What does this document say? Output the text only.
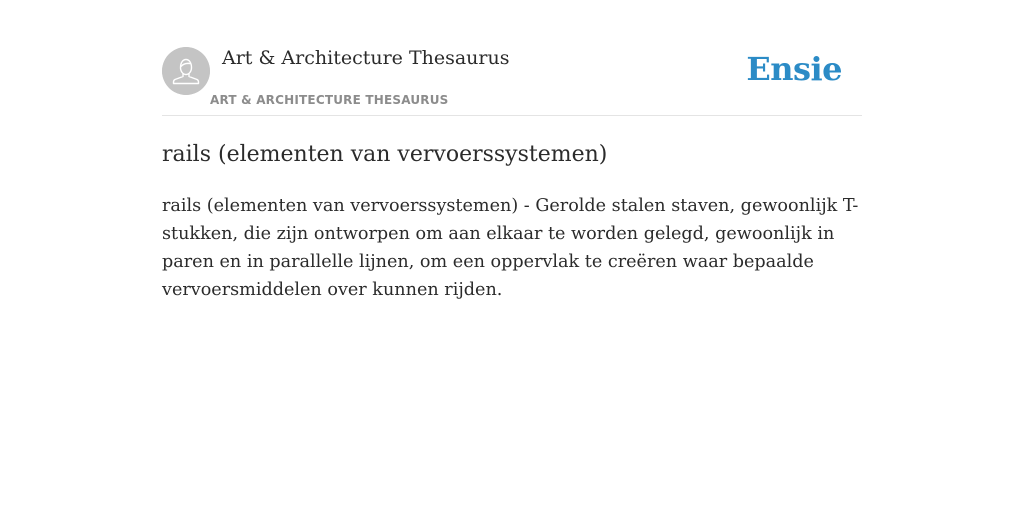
Art & Architecture Thesaurus
ART & ARCHITECTURE THESAURUS
Ensie
rails (elementen van vervoerssystemen)

rails (elementen van vervoerssystemen) - Gerolde stalen staven, gewoonlijk T-stukken, die zijn ontworpen om aan elkaar te worden gelegd, gewoonlijk in paren en in parallelle lijnen, om een oppervlak te creëren waar bepaalde vervoersmiddelen over kunnen rijden.
